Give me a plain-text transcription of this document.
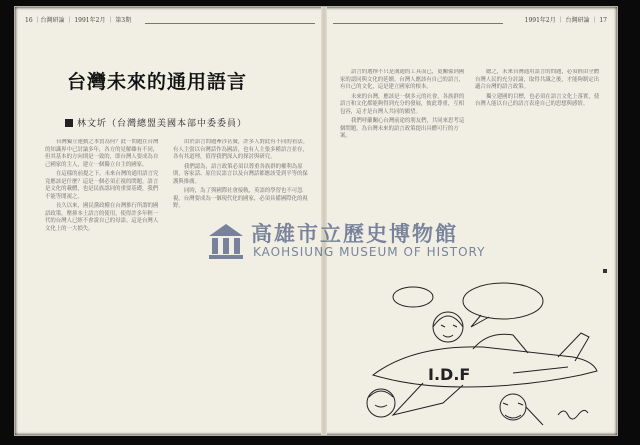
16 ｜台灣研論 ｜ 1991年2月 ｜ 第3期	1991年2月 ｜ 台灣研論 ｜ 17
台灣未來的通用語言

林文圻（台灣總盟美國本部中委委員）

台灣獨立運動之本質為何？此一問題在台灣的知識界中已討論多年，各方的見解雖有不同，但其基本的方向則是一致的，即台灣人要成為自己國家的主人，建立一個獨立自主的國家。

在這樣的前提之下，未來台灣的通用語言究竟應該是什麼？這是一個必須正視的問題。語言是文化的載體，也是民族認同的重要基礎，我們不能等閒視之。

長久以來，國民黨政權在台灣推行所謂的國語政策，壓抑本土語言的使用，使得許多年輕一代的台灣人已經不會說自己的母語。這是台灣人文化上的一大損失。

由於語言問題牽涉甚廣，許多人對此有不同的看法。有人主張以台灣話作為國語，也有人主張多種語言並存，各有其道理，值得我們深入的探討與研究。

我們認為，語言政策必須以尊重各族群的權利為原則，客家話、原住民語言以及台灣話都應該受到平等的保護與推廣。

同時，為了與國際社會接軌，英語的學習也不可忽視。台灣要成為一個現代化的國家，必須具備國際化的視野。

語言的選擇不只是溝通的工具而已，更關係到國家的認同與文化的延續。台灣人應該有自己的語言，有自己的文化，這是建立國家的根本。

未來的台灣，應該是一個多元的社會，各族群的語言和文化都能夠得到充分的發展，彼此尊重，互相包容，這才是台灣人共同的願望。

我們呼籲關心台灣前途的朋友們，共同來思考這個問題，為台灣未來的語言政策提出具體可行的方案。

總之，未來台灣通用語言的問題，必須經由全體台灣人民的充分討論，取得共識之後，才能夠制定出適合台灣的語言政策。

獨立建國的目標，也必須在語言文化上落實，使台灣人能以自己的語言表達自己的思想與感情。

I.D.F
高雄市立歷史博物館
KAOHSIUNG MUSEUM OF HISTORY
